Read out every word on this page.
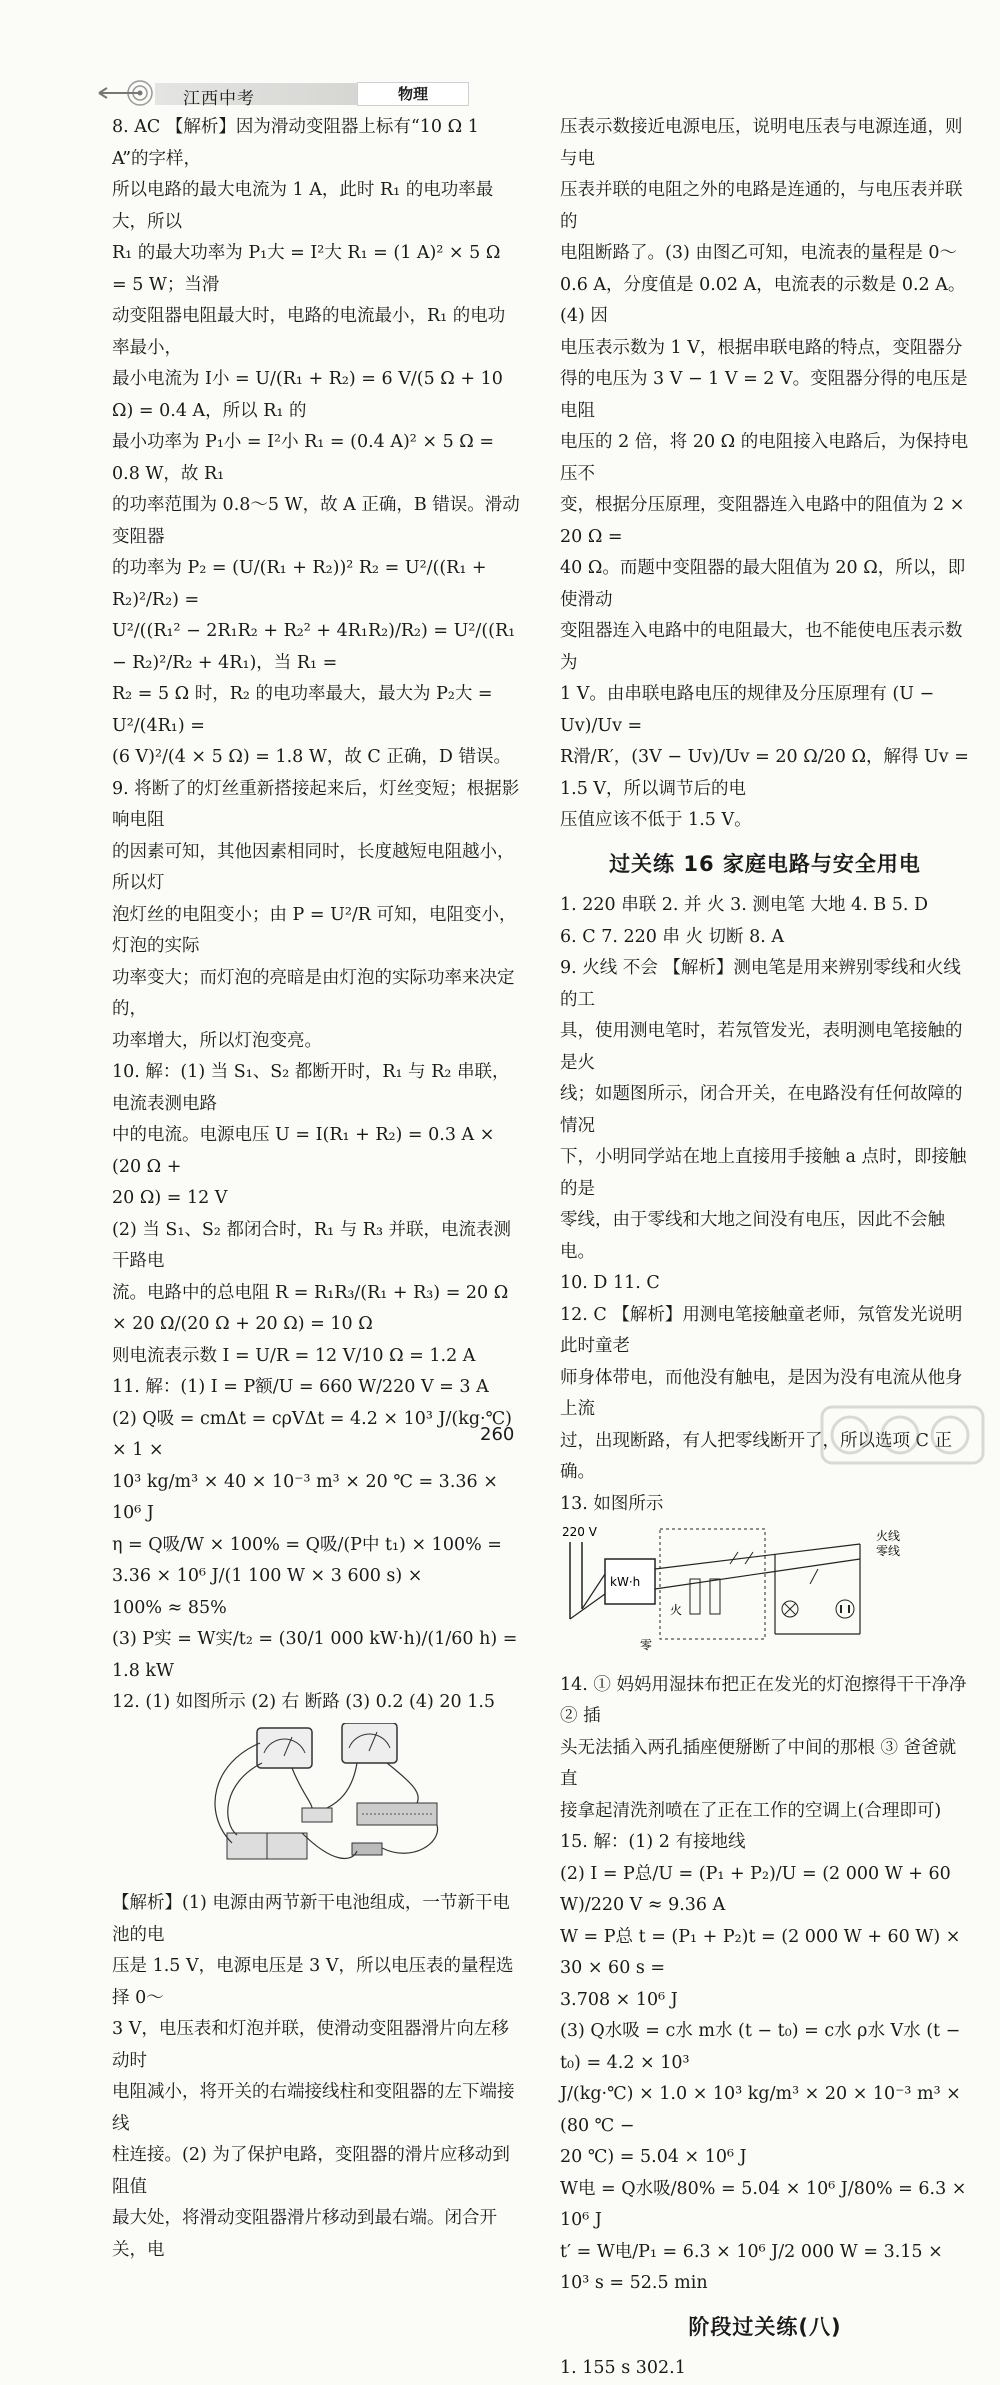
江西中考	物理
8. AC 【解析】因为滑动变阻器上标有“10 Ω 1 A”的字样，
所以电路的最大电流为 1 A，此时 R₁ 的电功率最大，所以
R₁ 的最大功率为 P₁大 = I²大 R₁ = (1 A)² × 5 Ω = 5 W；当滑
动变阻器电阻最大时，电路的电流最小，R₁ 的电功率最小，
最小电流为 I小 = U/(R₁ + R₂) = 6 V/(5 Ω + 10 Ω) = 0.4 A，所以 R₁ 的
最小功率为 P₁小 = I²小 R₁ = (0.4 A)² × 5 Ω = 0.8 W，故 R₁
的功率范围为 0.8～5 W，故 A 正确，B 错误。滑动变阻器
的功率为 P₂ = (U/(R₁ + R₂))² R₂ = U²/((R₁ + R₂)²/R₂) =
U²/((R₁² − 2R₁R₂ + R₂² + 4R₁R₂)/R₂) = U²/((R₁ − R₂)²/R₂ + 4R₁)，当 R₁ =
R₂ = 5 Ω 时，R₂ 的电功率最大，最大为 P₂大 = U²/(4R₁) =
(6 V)²/(4 × 5 Ω) = 1.8 W，故 C 正确，D 错误。
9. 将断了的灯丝重新搭接起来后，灯丝变短；根据影响电阻
的因素可知，其他因素相同时，长度越短电阻越小，所以灯
泡灯丝的电阻变小；由 P = U²/R 可知，电阻变小，灯泡的实际
功率变大；而灯泡的亮暗是由灯泡的实际功率来决定的，
功率增大，所以灯泡变亮。
10. 解：(1) 当 S₁、S₂ 都断开时，R₁ 与 R₂ 串联，电流表测电路
中的电流。电源电压 U = I(R₁ + R₂) = 0.3 A × (20 Ω +
20 Ω) = 12 V
(2) 当 S₁、S₂ 都闭合时，R₁ 与 R₃ 并联，电流表测干路电
流。电路中的总电阻 R = R₁R₃/(R₁ + R₃) = 20 Ω × 20 Ω/(20 Ω + 20 Ω) = 10 Ω
则电流表示数 I = U/R = 12 V/10 Ω = 1.2 A
11. 解：(1) I = P额/U = 660 W/220 V = 3 A
(2) Q吸 = cmΔt = cρVΔt = 4.2 × 10³ J/(kg·℃) × 1 ×
10³ kg/m³ × 40 × 10⁻³ m³ × 20 ℃ = 3.36 × 10⁶ J
η = Q吸/W × 100% = Q吸/(P中 t₁) × 100% = 3.36 × 10⁶ J/(1 100 W × 3 600 s) ×
100% ≈ 85%
(3) P实 = W实/t₂ = (30/1 000 kW·h)/(1/60 h) = 1.8 kW
12. (1) 如图所示 (2) 右 断路 (3) 0.2 (4) 20 1.5
【解析】(1) 电源由两节新干电池组成，一节新干电池的电
压是 1.5 V，电源电压是 3 V，所以电压表的量程选择 0～
3 V，电压表和灯泡并联，使滑动变阻器滑片向左移动时
电阻减小，将开关的右端接线柱和变阻器的左下端接线
柱连接。(2) 为了保护电路，变阻器的滑片应移动到阻值
最大处，将滑动变阻器滑片移动到最右端。闭合开关，电
压表示数接近电源电压，说明电压表与电源连通，则与电
压表并联的电阻之外的电路是连通的，与电压表并联的
电阻断路了。(3) 由图乙可知，电流表的量程是 0～
0.6 A，分度值是 0.02 A，电流表的示数是 0.2 A。(4) 因
电压表示数为 1 V，根据串联电路的特点，变阻器分
得的电压为 3 V − 1 V = 2 V。变阻器分得的电压是电阻
电压的 2 倍，将 20 Ω 的电阻接入电路后，为保持电压不
变，根据分压原理，变阻器连入电路中的阻值为 2 × 20 Ω =
40 Ω。而题中变阻器的最大阻值为 20 Ω，所以，即使滑动
变阻器连入电路中的电阻最大，也不能使电压表示数为
1 V。由串联电路电压的规律及分压原理有 (U − Uv)/Uv =
R滑/R′，(3V − Uv)/Uv = 20 Ω/20 Ω，解得 Uv = 1.5 V，所以调节后的电
压值应该不低于 1.5 V。
过关练 16 家庭电路与安全用电
1. 220 串联 2. 并 火 3. 测电笔 大地 4. B 5. D
6. C 7. 220 串 火 切断 8. A
9. 火线 不会 【解析】测电笔是用来辨别零线和火线的工
具，使用测电笔时，若氖管发光，表明测电笔接触的是火
线；如题图所示，闭合开关，在电路没有任何故障的情况
下，小明同学站在地上直接用手接触 a 点时，即接触的是
零线，由于零线和大地之间没有电压，因此不会触电。
10. D 11. C
12. C 【解析】用测电笔接触童老师，氖管发光说明此时童老
师身体带电，而他没有触电，是因为没有电流从他身上流
过，出现断路，有人把零线断开了，所以选项 C 正确。
13. 如图所示
220 V	火线
零线
kW·h
火
零
14. ① 妈妈用湿抹布把正在发光的灯泡擦得干干净净 ② 插
头无法插入两孔插座便掰断了中间的那根 ③ 爸爸就直
接拿起清洗剂喷在了正在工作的空调上(合理即可)
15. 解：(1) 2 有接地线
(2) I = P总/U = (P₁ + P₂)/U = (2 000 W + 60 W)/220 V ≈ 9.36 A
W = P总 t = (P₁ + P₂)t = (2 000 W + 60 W) × 30 × 60 s =
3.708 × 10⁶ J
(3) Q水吸 = c水 m水 (t − t₀) = c水 ρ水 V水 (t − t₀) = 4.2 × 10³
J/(kg·℃) × 1.0 × 10³ kg/m³ × 20 × 10⁻³ m³ × (80 ℃ −
20 ℃) = 5.04 × 10⁶ J
W电 = Q水吸/80% = 5.04 × 10⁶ J/80% = 6.3 × 10⁶ J
t′ = W电/P₁ = 6.3 × 10⁶ J/2 000 W = 3.15 × 10³ s = 52.5 min
阶段过关练(八)
1. 155 s 302.1
260
